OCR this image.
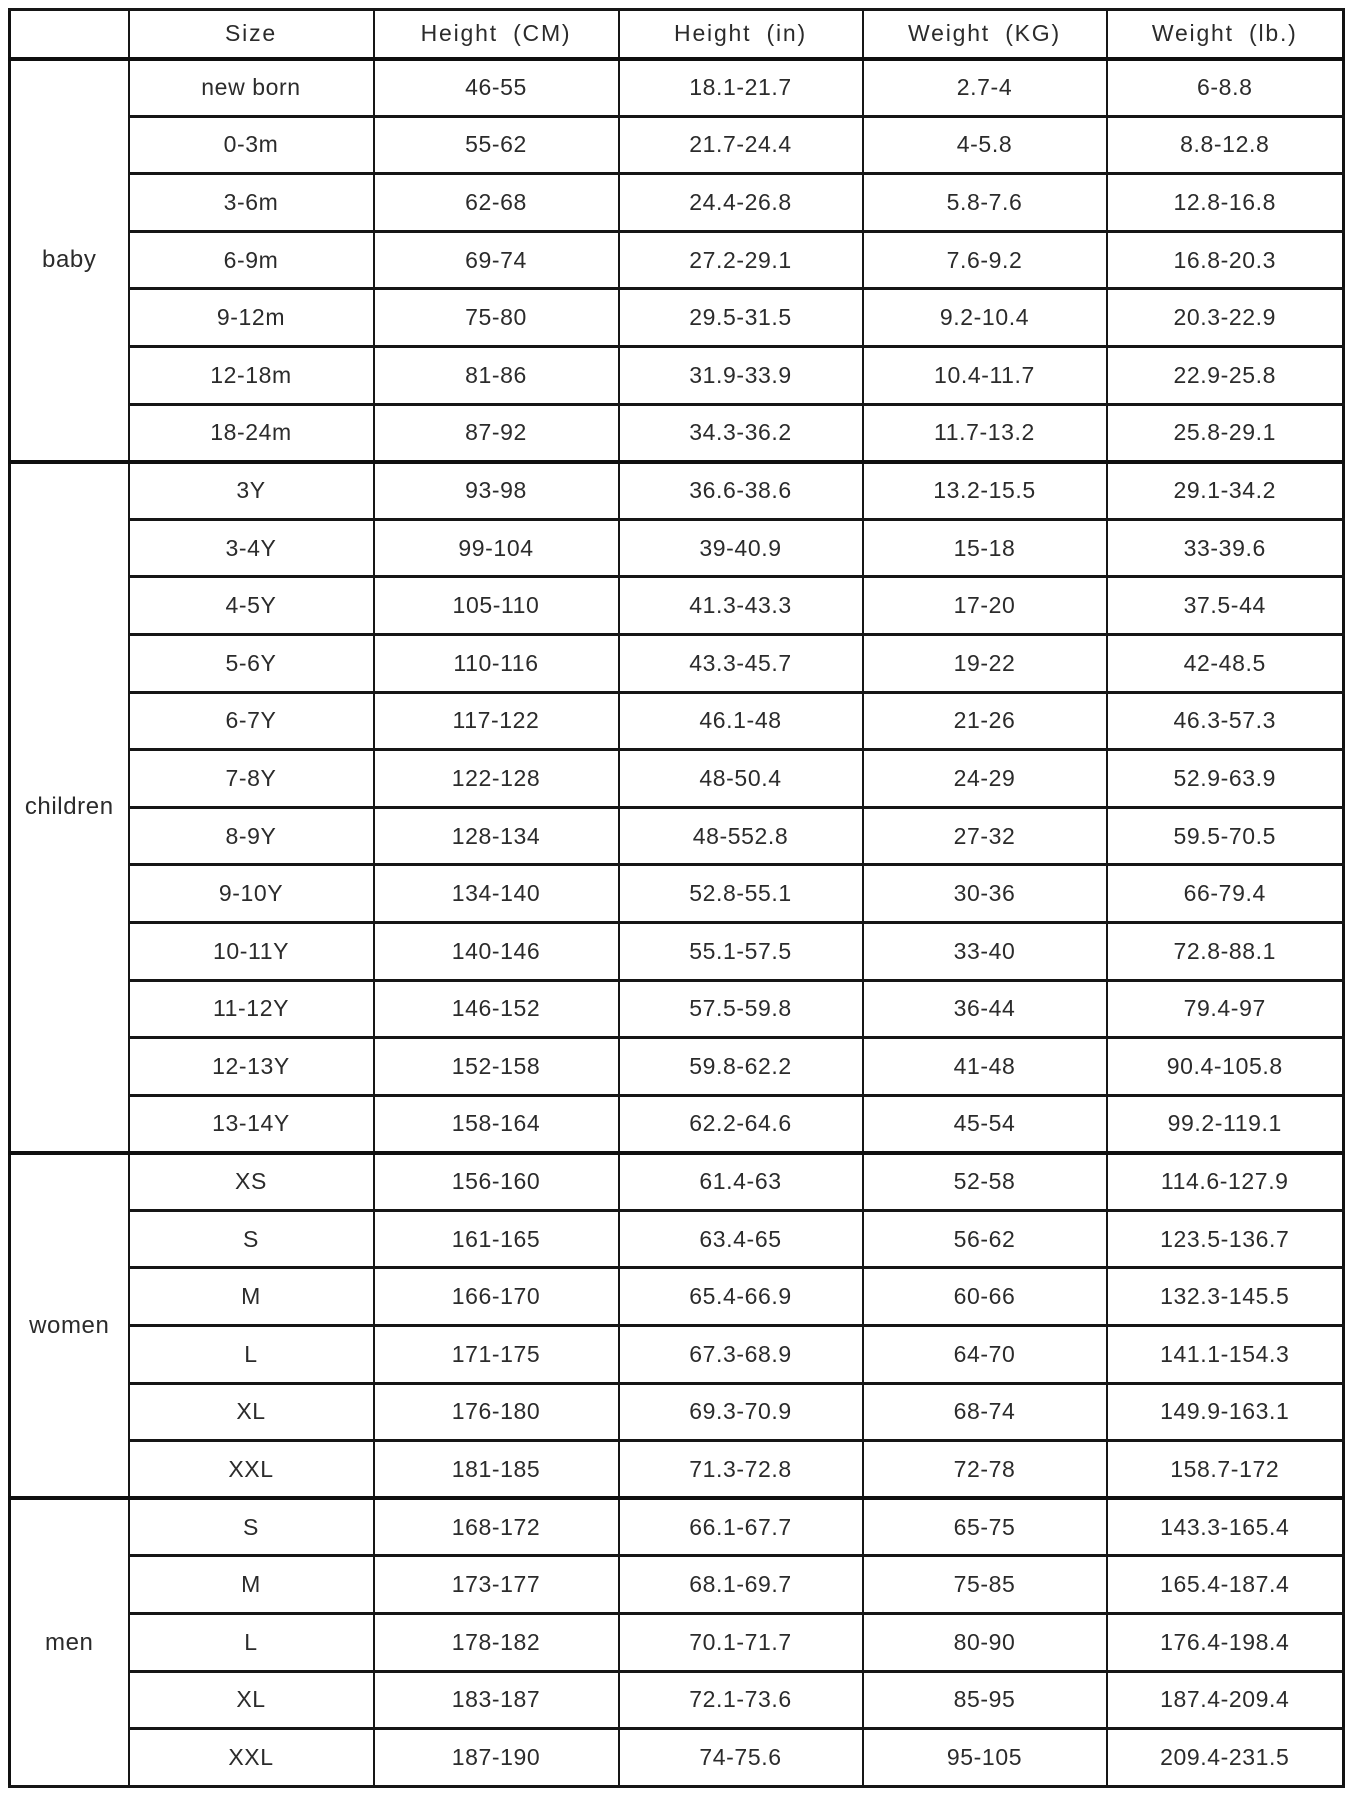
	Size	Height (CM)	Height (in)	Weight (KG)	Weight (lb.)
baby	new born	46-55	18.1-21.7	2.7-4	6-8.8
	0-3m	55-62	21.7-24.4	4-5.8	8.8-12.8
	3-6m	62-68	24.4-26.8	5.8-7.6	12.8-16.8
	6-9m	69-74	27.2-29.1	7.6-9.2	16.8-20.3
	9-12m	75-80	29.5-31.5	9.2-10.4	20.3-22.9
	12-18m	81-86	31.9-33.9	10.4-11.7	22.9-25.8
	18-24m	87-92	34.3-36.2	11.7-13.2	25.8-29.1
children	3Y	93-98	36.6-38.6	13.2-15.5	29.1-34.2
	3-4Y	99-104	39-40.9	15-18	33-39.6
	4-5Y	105-110	41.3-43.3	17-20	37.5-44
	5-6Y	110-116	43.3-45.7	19-22	42-48.5
	6-7Y	117-122	46.1-48	21-26	46.3-57.3
	7-8Y	122-128	48-50.4	24-29	52.9-63.9
	8-9Y	128-134	48-552.8	27-32	59.5-70.5
	9-10Y	134-140	52.8-55.1	30-36	66-79.4
	10-11Y	140-146	55.1-57.5	33-40	72.8-88.1
	11-12Y	146-152	57.5-59.8	36-44	79.4-97
	12-13Y	152-158	59.8-62.2	41-48	90.4-105.8
	13-14Y	158-164	62.2-64.6	45-54	99.2-119.1
women	XS	156-160	61.4-63	52-58	114.6-127.9
	S	161-165	63.4-65	56-62	123.5-136.7
	M	166-170	65.4-66.9	60-66	132.3-145.5
	L	171-175	67.3-68.9	64-70	141.1-154.3
	XL	176-180	69.3-70.9	68-74	149.9-163.1
	XXL	181-185	71.3-72.8	72-78	158.7-172
men	S	168-172	66.1-67.7	65-75	143.3-165.4
	M	173-177	68.1-69.7	75-85	165.4-187.4
	L	178-182	70.1-71.7	80-90	176.4-198.4
	XL	183-187	72.1-73.6	85-95	187.4-209.4
	XXL	187-190	74-75.6	95-105	209.4-231.5
